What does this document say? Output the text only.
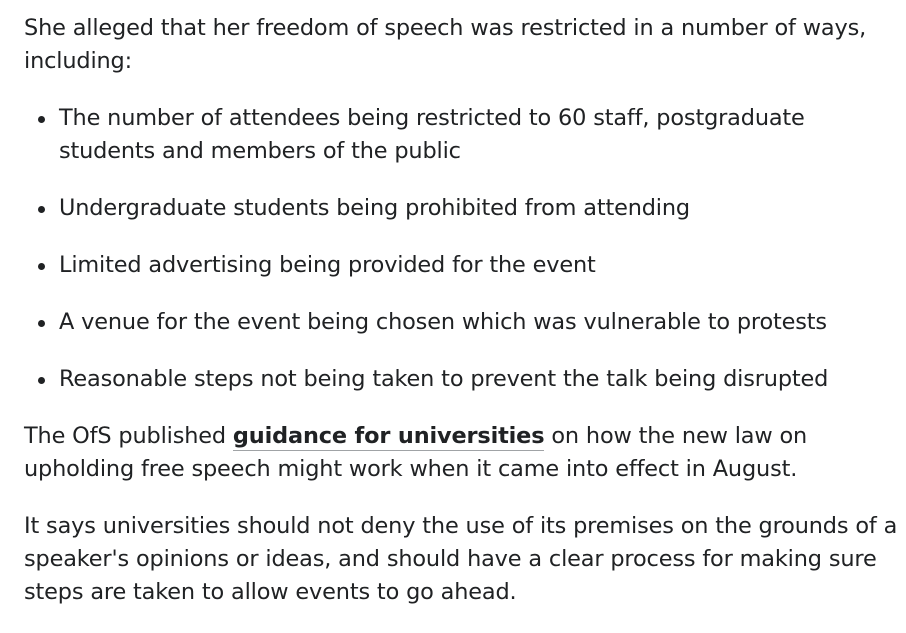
She alleged that her freedom of speech was restricted in a number of ways, including:

The number of attendees being restricted to 60 staff, postgraduate students and members of the public
Undergraduate students being prohibited from attending
Limited advertising being provided for the event
A venue for the event being chosen which was vulnerable to protests
Reasonable steps not being taken to prevent the talk being disrupted

The OfS published guidance for universities on how the new law on upholding free speech might work when it came into effect in August.

It says universities should not deny the use of its premises on the grounds of a speaker's opinions or ideas, and should have a clear process for making sure steps are taken to allow events to go ahead.
